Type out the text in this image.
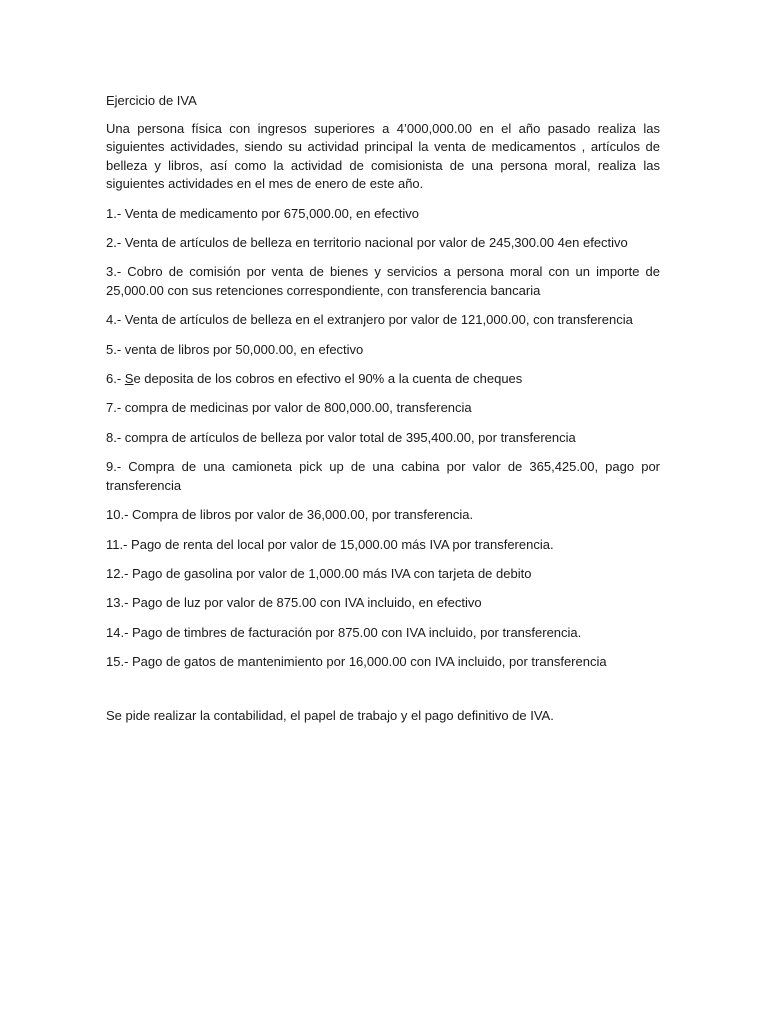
Ejercicio de IVA
Una persona física con ingresos superiores a 4’000,000.00 en el año pasado realiza las siguientes actividades, siendo su actividad principal la venta de medicamentos , artículos de belleza y libros, así como la actividad de comisionista de una persona moral, realiza las siguientes actividades en el mes de enero de este año.
1.- Venta de medicamento por 675,000.00, en efectivo
2.- Venta de artículos de belleza en territorio nacional por valor de 245,300.00 4en efectivo
3.- Cobro de comisión por venta de bienes y servicios a persona moral con un importe de 25,000.00 con sus retenciones correspondiente, con transferencia bancaria
4.- Venta de artículos de belleza en el extranjero por valor de 121,000.00, con transferencia
5.- venta de libros por 50,000.00, en efectivo
6.- Se deposita de los cobros en efectivo el 90% a la cuenta de cheques
7.- compra de medicinas por valor de 800,000.00, transferencia
8.- compra de artículos de belleza por valor total de 395,400.00, por transferencia
9.- Compra de una camioneta pick up de una cabina por valor de 365,425.00, pago por transferencia
10.- Compra de libros por valor de 36,000.00, por transferencia.
11.- Pago de renta del local por valor de 15,000.00 más IVA por transferencia.
12.- Pago de gasolina por valor de 1,000.00 más IVA con tarjeta de debito
13.- Pago de luz por valor de 875.00 con IVA incluido, en efectivo
14.- Pago de timbres de facturación por 875.00 con IVA incluido, por transferencia.
15.- Pago de gatos de mantenimiento por 16,000.00 con IVA incluido, por transferencia
Se pide realizar la contabilidad, el papel de trabajo y el pago definitivo de IVA.
